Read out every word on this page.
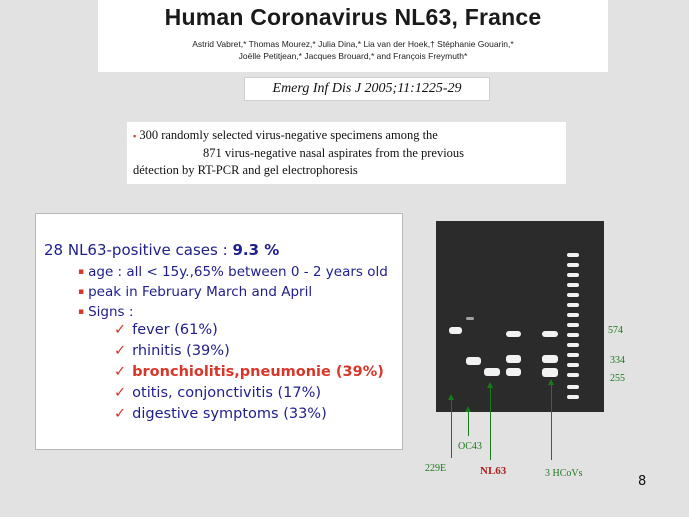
Human Coronavirus NL63, France
Astrid Vabret,* Thomas Mourez,* Julia Dina,* Lia van der Hoek,† Stéphanie Gouarin,*
Joëlle Petitjean,* Jacques Brouard,* and François Freymuth*
Emerg Inf Dis J 2005;11:1225-29
▪ 300 randomly selected virus-negative specimens among the
871 virus-negative nasal aspirates from the previous
détection by RT-PCR and gel electrophoresis
28 NL63-positive cases : 9.3 %
▪ age : all < 15y.,65% between 0 - 2 years old
▪ peak in February March and April
▪ Signs :
✓ fever (61%)
✓ rhinitis (39%)
✓ bronchiolitis,pneumonie (39%)
✓ otitis, conjonctivitis (17%)
✓ digestive symptoms (33%)
574
334
255
229E
OC43
NL63	3 HCoVs
8
